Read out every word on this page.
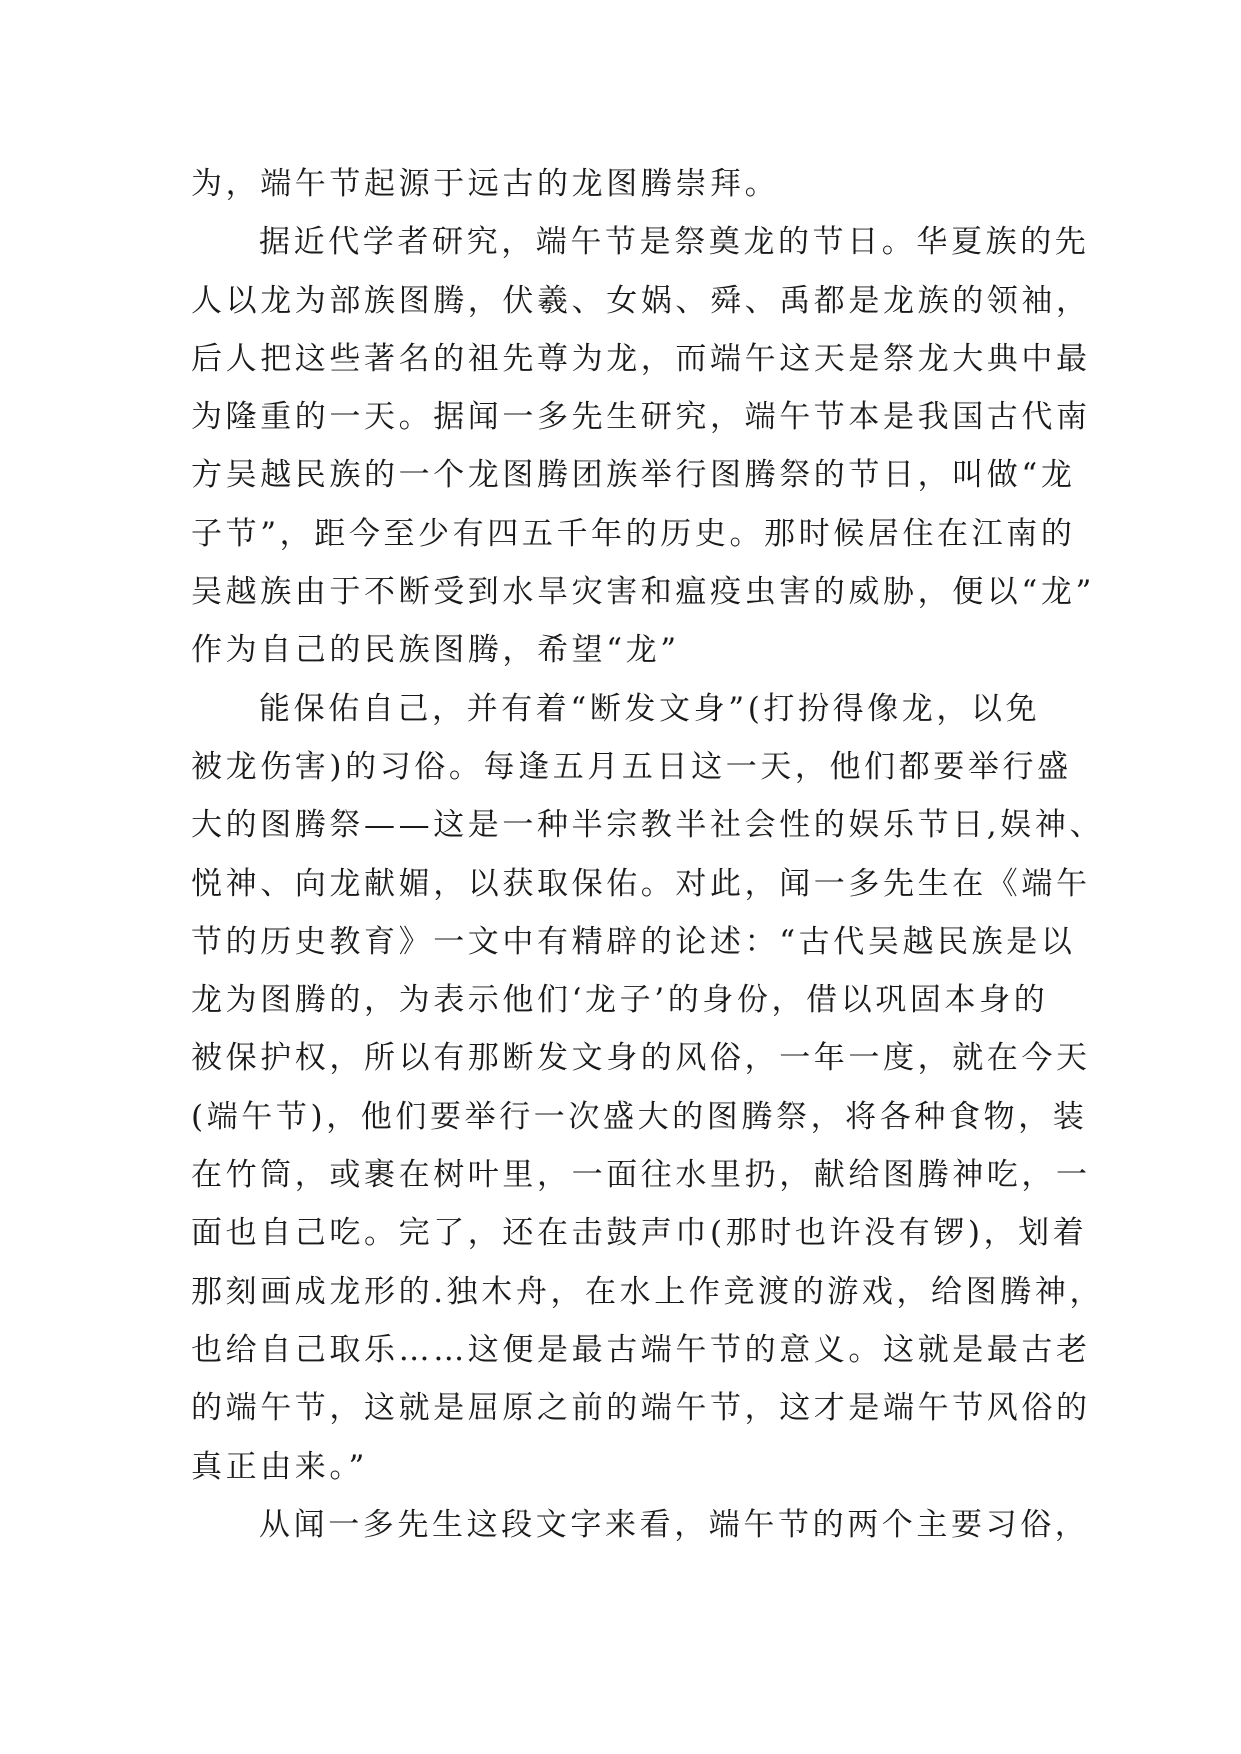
为，端午节起源于远古的龙图腾崇拜。
据近代学者研究，端午节是祭奠龙的节日。华夏族的先
人以龙为部族图腾，伏羲、女娲、舜、禹都是龙族的领袖，
后人把这些著名的祖先尊为龙，而端午这天是祭龙大典中最
为隆重的一天。据闻一多先生研究，端午节本是我国古代南
方吴越民族的一个龙图腾团族举行图腾祭的节日，叫做“龙
子节”，距今至少有四五千年的历史。那时候居住在江南的
吴越族由于不断受到水旱灾害和瘟疫虫害的威胁，便以“龙”
作为自己的民族图腾，希望“龙”
能保佑自己，并有着“断发文身”(打扮得像龙，以免
被龙伤害)的习俗。每逢五月五日这一天，他们都要举行盛
大的图腾祭——这是一种半宗教半社会性的娱乐节日,娱神、
悦神、向龙献媚，以获取保佑。对此，闻一多先生在《端午
节的历史教育》一文中有精辟的论述：“古代吴越民族是以
龙为图腾的，为表示他们‘龙子’的身份，借以巩固本身的
被保护权，所以有那断发文身的风俗，一年一度，就在今天
(端午节)，他们要举行一次盛大的图腾祭，将各种食物，装
在竹筒，或裹在树叶里，一面往水里扔，献给图腾神吃，一
面也自己吃。完了，还在击鼓声巾(那时也许没有锣)，划着
那刻画成龙形的.独木舟，在水上作竞渡的游戏，给图腾神，
也给自己取乐……这便是最古端午节的意义。这就是最古老
的端午节，这就是屈原之前的端午节，这才是端午节风俗的
真正由来。”
从闻一多先生这段文字来看，端午节的两个主要习俗，
